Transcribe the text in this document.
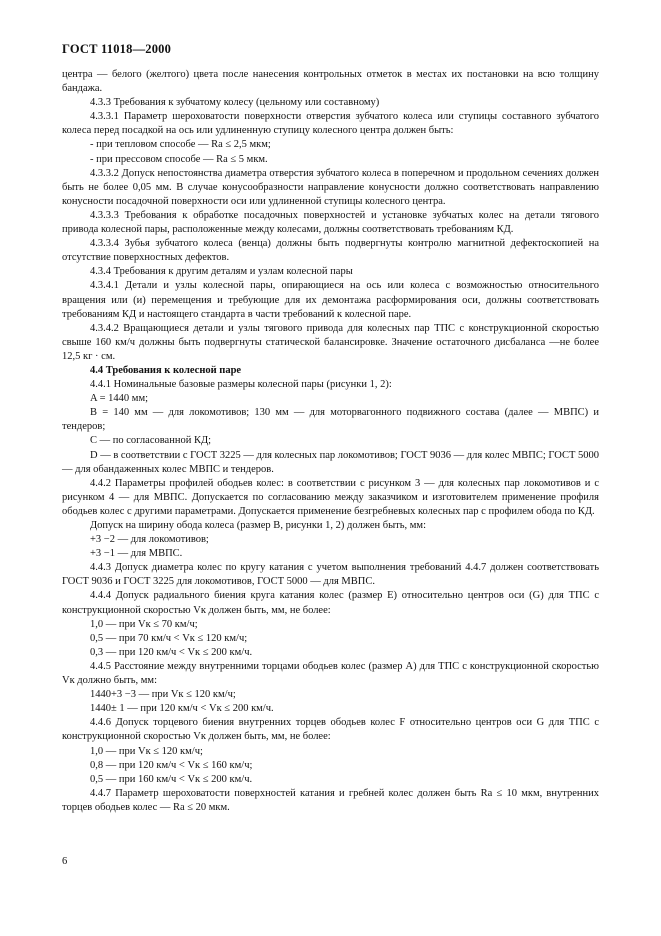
ГОСТ 11018—2000

центра — белого (желтого) цвета после нанесения контрольных отметок в местах их постановки на всю толщину бандажа.

4.3.3 Требования к зубчатому колесу (цельному или составному)

4.3.3.1 Параметр шероховатости поверхности отверстия зубчатого колеса или ступицы составного зубчатого колеса перед посадкой на ось или удлиненную ступицу колесного центра должен быть:

- при тепловом способе — Ra ≤ 2,5 мкм;

- при прессовом способе — Ra ≤ 5 мкм.

4.3.3.2 Допуск непостоянства диаметра отверстия зубчатого колеса в поперечном и продольном сечениях должен быть не более 0,05 мм. В случае конусообразности направление конусности должно соответствовать направлению конусности посадочной поверхности оси или удлиненной ступицы колесного центра.

4.3.3.3 Требования к обработке посадочных поверхностей и установке зубчатых колес на детали тягового привода колесной пары, расположенные между колесами, должны соответствовать требованиям КД.

4.3.3.4 Зубья зубчатого колеса (венца) должны быть подвергнуты контролю магнитной дефектоскопией на отсутствие поверхностных дефектов.

4.3.4 Требования к другим деталям и узлам колесной пары

4.3.4.1 Детали и узлы колесной пары, опирающиеся на ось или колеса с возможностью относительного вращения или (и) перемещения и требующие для их демонтажа расформирования оси, должны соответствовать требованиям КД и настоящего стандарта в части требований к колесной паре.

4.3.4.2 Вращающиеся детали и узлы тягового привода для колесных пар ТПС с конструкционной скоростью свыше 160 км/ч должны быть подвергнуты статической балансировке. Значение остаточного дисбаланса —не более 12,5 кг · см.

4.4 Требования к колесной паре

4.4.1 Номинальные базовые размеры колесной пары (рисунки 1, 2):

A = 1440 мм;

B = 140 мм — для локомотивов; 130 мм — для моторвагонного подвижного состава (далее — МВПС) и тендеров;

C — по согласованной КД;

D — в соответствии с ГОСТ 3225 — для колесных пар локомотивов; ГОСТ 9036 — для колес МВПС; ГОСТ 5000 — для обандаженных колес МВПС и тендеров.

4.4.2 Параметры профилей ободьев колес: в соответствии с рисунком 3 — для колесных пар локомотивов и с рисунком 4 — для МВПС. Допускается по согласованию между заказчиком и изготовителем применение профиля ободьев колес с другими параметрами. Допускается применение безгребневых колесных пар с профилем обода по КД.

Допуск на ширину обода колеса (размер B, рисунки 1, 2) должен быть, мм:

+3 −2 — для локомотивов;

+3 −1 — для МВПС.

4.4.3 Допуск диаметра колес по кругу катания с учетом выполнения требований 4.4.7 должен соответствовать ГОСТ 9036 и ГОСТ 3225 для локомотивов, ГОСТ 5000 — для МВПС.

4.4.4 Допуск радиального биения круга катания колес (размер E) относительно центров оси (G) для ТПС с конструкционной скоростью Vк должен быть, мм, не более:

1,0 — при Vк ≤ 70 км/ч;

0,5 — при 70 км/ч < Vк ≤ 120 км/ч;

0,3 — при 120 км/ч < Vк ≤ 200 км/ч.

4.4.5 Расстояние между внутренними торцами ободьев колес (размер A) для ТПС с конструкционной скоростью Vк должно быть, мм:

1440+3 −3 — при Vк ≤ 120 км/ч;

1440± 1 — при 120 км/ч < Vк ≤ 200 км/ч.

4.4.6 Допуск торцевого биения внутренних торцев ободьев колес F относительно центров оси G для ТПС с конструкционной скоростью Vк должен быть, мм, не более:

1,0 — при Vк ≤ 120 км/ч;

0,8 — при 120 км/ч < Vк ≤ 160 км/ч;

0,5 — при 160 км/ч < Vк ≤ 200 км/ч.

4.4.7 Параметр шероховатости поверхностей катания и гребней колес должен быть Ra ≤ 10 мкм, внутренних торцев ободьев колес — Ra ≤ 20 мкм.

6
